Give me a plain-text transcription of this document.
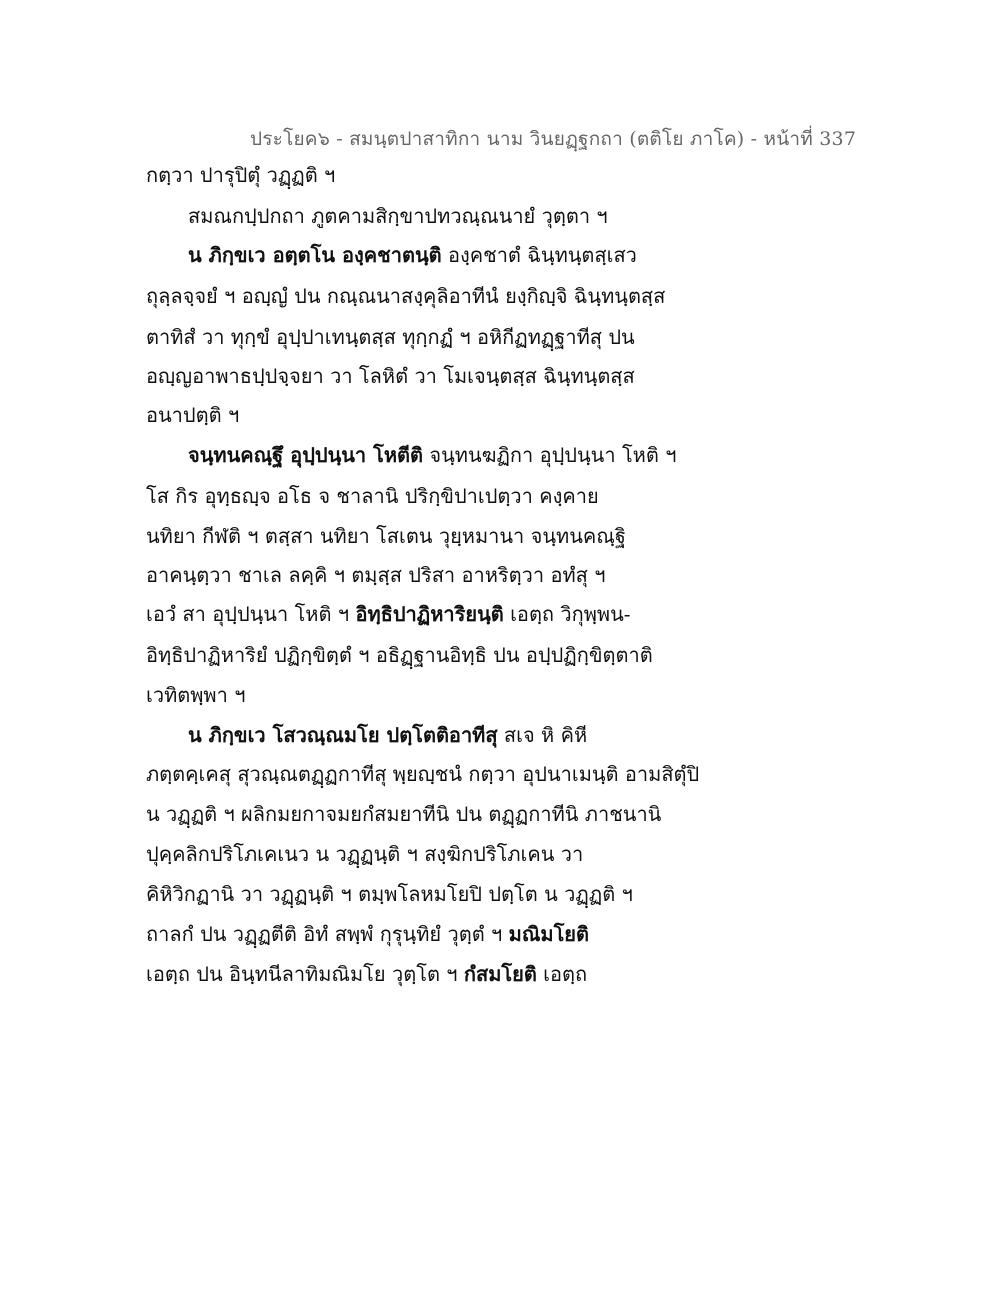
ประโยค๖ - สมนฺตปาสาทิกา นาม วินยฏฺฐกถา (ตติโย ภาโค) - หน้าที่ 337
กตฺวา ปารุปิตุํ วฏฺฏติ ฯ
สมณกปฺปกถา ภูตคามสิกฺขาปทวณฺณนายํ วุตฺตา ฯ
น ภิกฺขเว อตฺตโน องฺคชาตนฺติ องฺคชาตํ ฉินฺทนฺตสฺเสว
ถุลฺลจฺจยํ ฯ อญฺญํ ปน กณฺณนาสงฺคุลิอาทีนํ ยงฺกิญฺจิ ฉินฺทนฺตสฺส
ตาทิสํ วา ทุกฺขํ อุปฺปาเทนฺตสฺส ทุกฺกฏํ ฯ อหิกีฏทฏฺฐาทีสุ ปน
อญฺญอาพาธปฺปจฺจยา วา โลหิตํ วา โมเจนฺตสฺส ฉินฺทนฺตสฺส
อนาปตฺติ ฯ
จนฺทนคณฺฐึ อุปฺปนฺนา โหตีติ จนฺทนฆฏิกา อุปฺปนฺนา โหติ ฯ
โส กิร อุทฺธญฺจ อโธ จ ชาลานิ ปริกฺขิปาเปตฺวา คงฺคาย
นทิยา กีฬติ ฯ ตสฺสา นทิยา โสเตน วุยฺหมานา จนฺทนคณฺฐิ
อาคนฺตฺวา ชาเล ลคฺคิ ฯ ตมฺสฺส ปริสา อาหริตฺวา อทํสุ ฯ
เอวํ สา อุปฺปนฺนา โหติ ฯ อิทฺธิปาฏิหาริยนฺติ เอตฺถ วิกุพฺพน-
อิทฺธิปาฏิหาริยํ ปฏิกฺขิตฺตํ ฯ อธิฏฺฐานอิทฺธิ ปน อปฺปฏิกฺขิตฺตาติ
เวทิตพฺพา ฯ
น ภิกฺขเว โสวณฺณมโย ปตฺโตติอาทีสุ สเจ หิ คิหี
ภตฺตคฺเคสุ สุวณฺณตฏฺฏกาทีสุ พฺยญฺชนํ กตฺวา อุปนาเมนฺติ อามสิตุํปิ
น วฏฺฏติ ฯ ผลิกมยกาจมยกํสมยาทีนิ ปน ตฏฺฏกาทีนิ ภาชนานิ
ปุคฺคลิกปริโภเคเนว น วฏฺฏนฺติ ฯ สงฺฆิกปริโภเคน วา
คิหิวิกฏานิ วา วฏฺฏนฺติ ฯ ตมฺพโลหมโยปิ ปตฺโต น วฏฺฏติ ฯ
ถาลกํ ปน วฏฺฏตีติ อิทํ สพฺพํ กุรุนฺทิยํ วุตฺตํ ฯ มณิมโยติ
เอตฺถ ปน อินฺทนีลาทิมณิมโย วุตฺโต ฯ กํสมโยติ เอตฺถ
